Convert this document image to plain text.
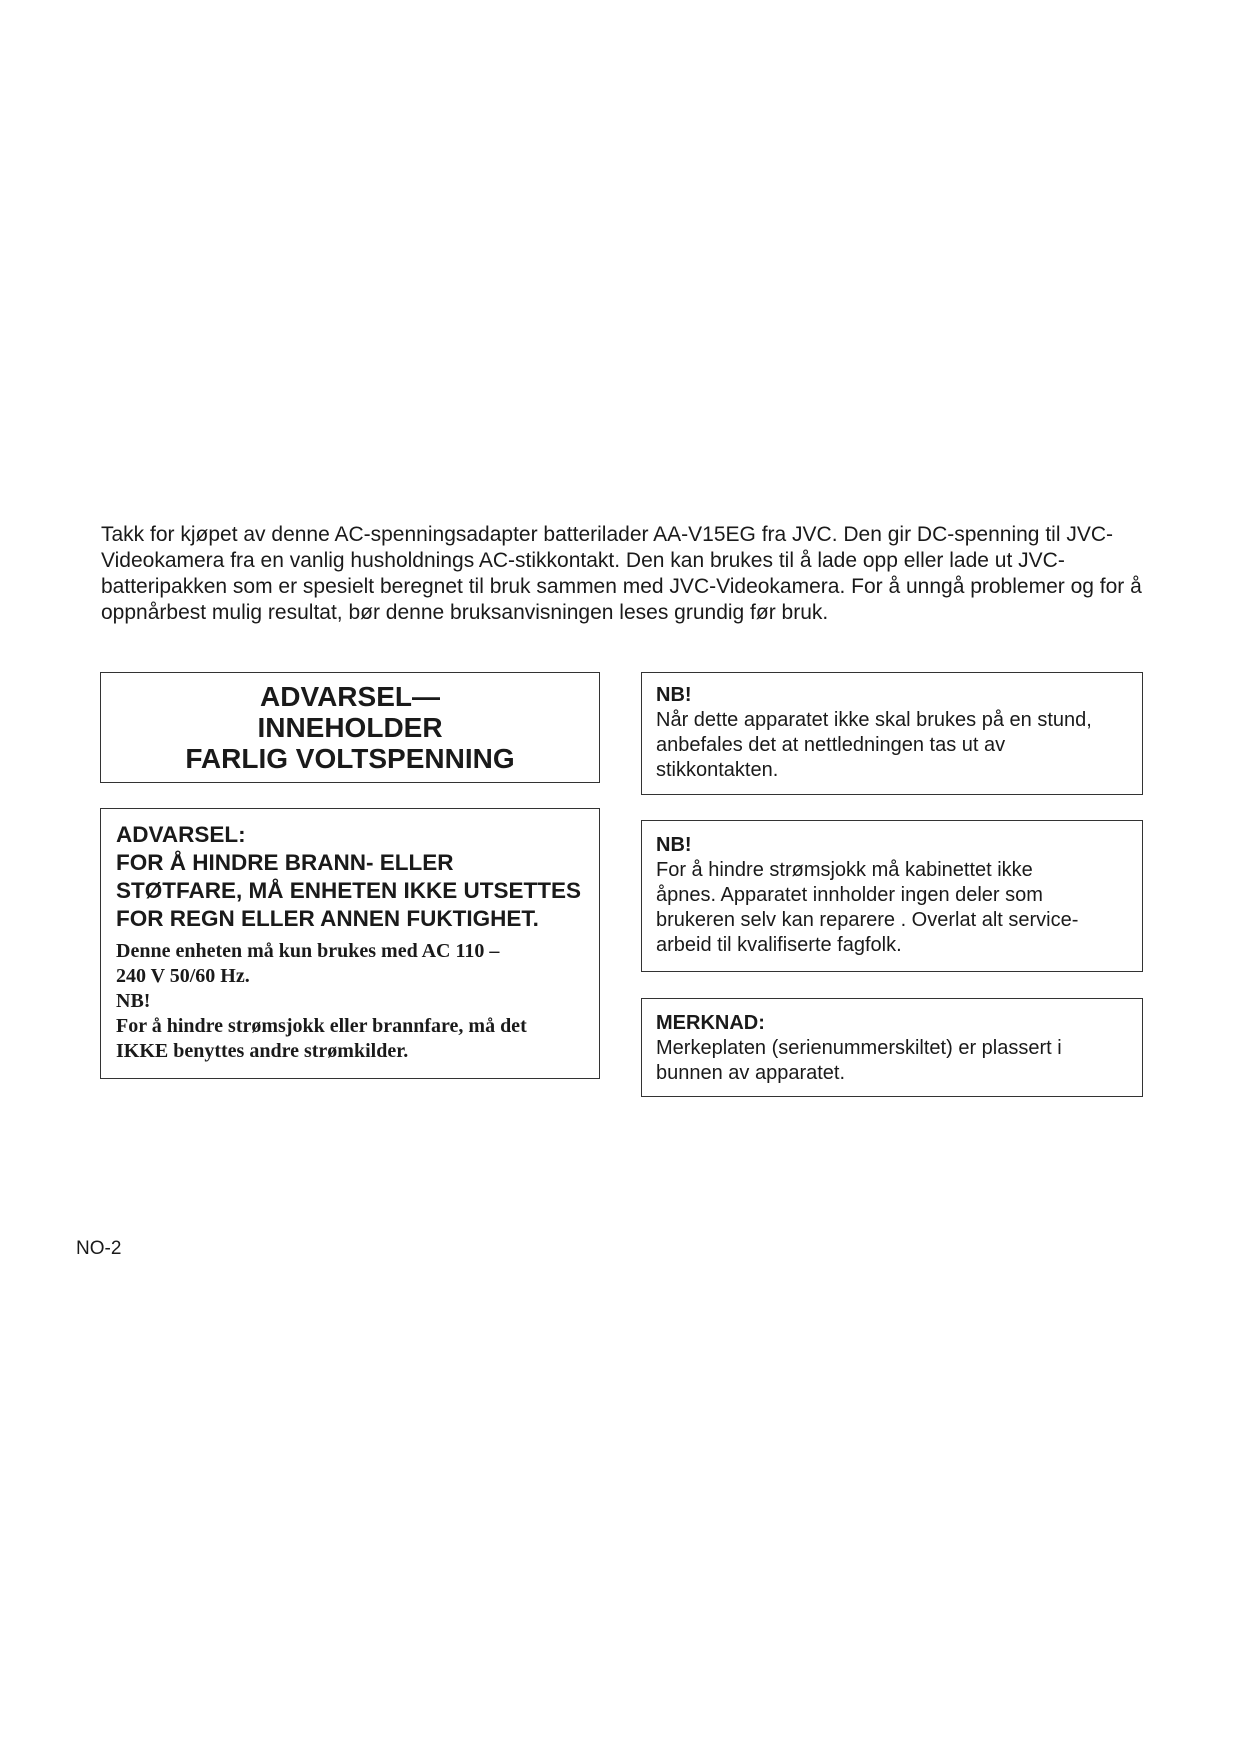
Takk for kjøpet av denne AC-spenningsadapter batterilader AA-V15EG fra JVC. Den gir DC-spenning til JVC-Videokamera fra en vanlig husholdnings AC-stikkontakt. Den kan brukes til å lade opp eller lade ut JVC-batteripakken som er spesielt beregnet til bruk sammen med JVC-Videokamera. For å unngå problemer og for å oppnårbest mulig resultat, bør denne bruksanvisningen leses grundig før bruk.

ADVARSEL—
INNEHOLDER
FARLIG VOLTSPENNING
ADVARSEL:
FOR Å HINDRE BRANN- ELLER
STØTFARE, MÅ ENHETEN IKKE UTSETTES
FOR REGN ELLER ANNEN FUKTIGHET.
Denne enheten må kun brukes med AC 110 –
240 V 50/60 Hz.
NB!
For å hindre strømsjokk eller brannfare, må det
IKKE benyttes andre strømkilder.
NB!
Når dette apparatet ikke skal brukes på en stund,
anbefales det at nettledningen tas ut av
stikkontakten.
NB!
For å hindre strømsjokk må kabinettet ikke
åpnes. Apparatet innholder ingen deler som
brukeren selv kan reparere . Overlat alt service-
arbeid til kvalifiserte fagfolk.
MERKNAD:
Merkeplaten (serienummerskiltet) er plassert i
bunnen av apparatet.
NO-2
